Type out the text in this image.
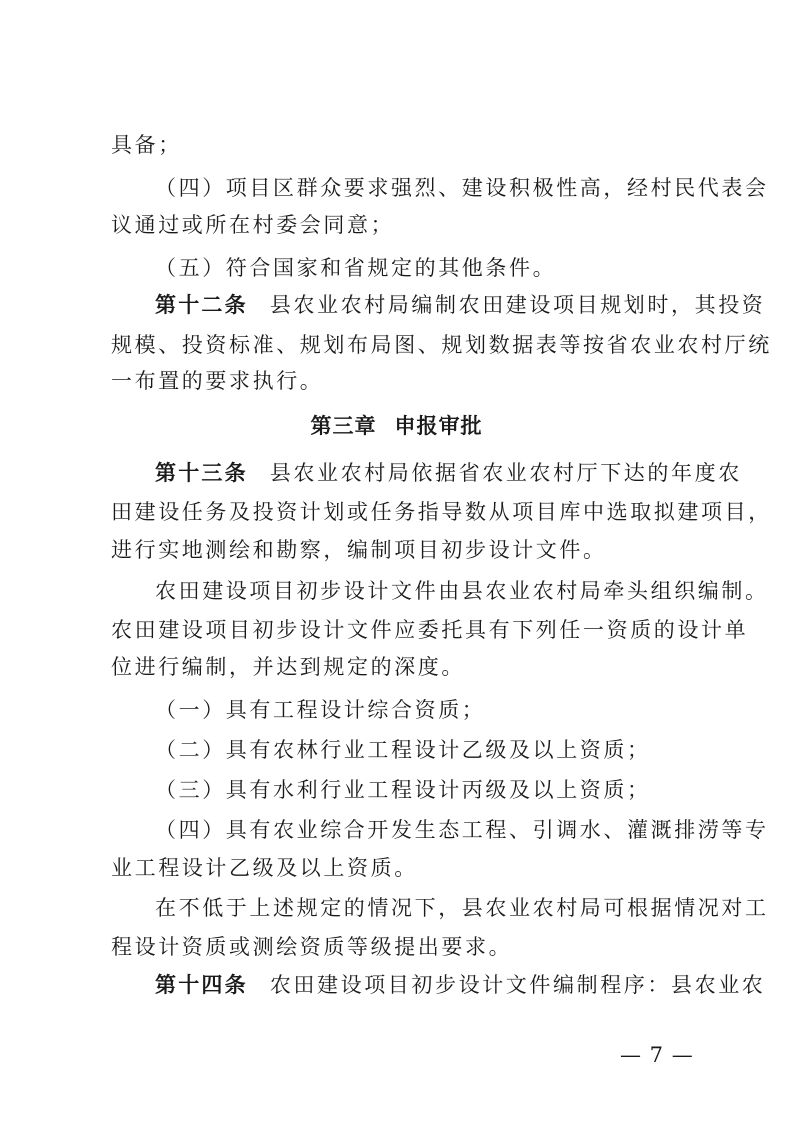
具备；
（四）项目区群众要求强烈、建设积极性高，经村民代表会
议通过或所在村委会同意；
（五）符合国家和省规定的其他条件。
第十二条 县农业农村局编制农田建设项目规划时，其投资
规模、投资标准、规划布局图、规划数据表等按省农业农村厅统
一布置的要求执行。
第三章 申报审批
第十三条 县农业农村局依据省农业农村厅下达的年度农
田建设任务及投资计划或任务指导数从项目库中选取拟建项目，
进行实地测绘和勘察，编制项目初步设计文件。
农田建设项目初步设计文件由县农业农村局牵头组织编制。
农田建设项目初步设计文件应委托具有下列任一资质的设计单
位进行编制，并达到规定的深度。
（一）具有工程设计综合资质；
（二）具有农林行业工程设计乙级及以上资质；
（三）具有水利行业工程设计丙级及以上资质；
（四）具有农业综合开发生态工程、引调水、灌溉排涝等专
业工程设计乙级及以上资质。
在不低于上述规定的情况下，县农业农村局可根据情况对工
程设计资质或测绘资质等级提出要求。
第十四条 农田建设项目初步设计文件编制程序：县农业农
— 7 —
